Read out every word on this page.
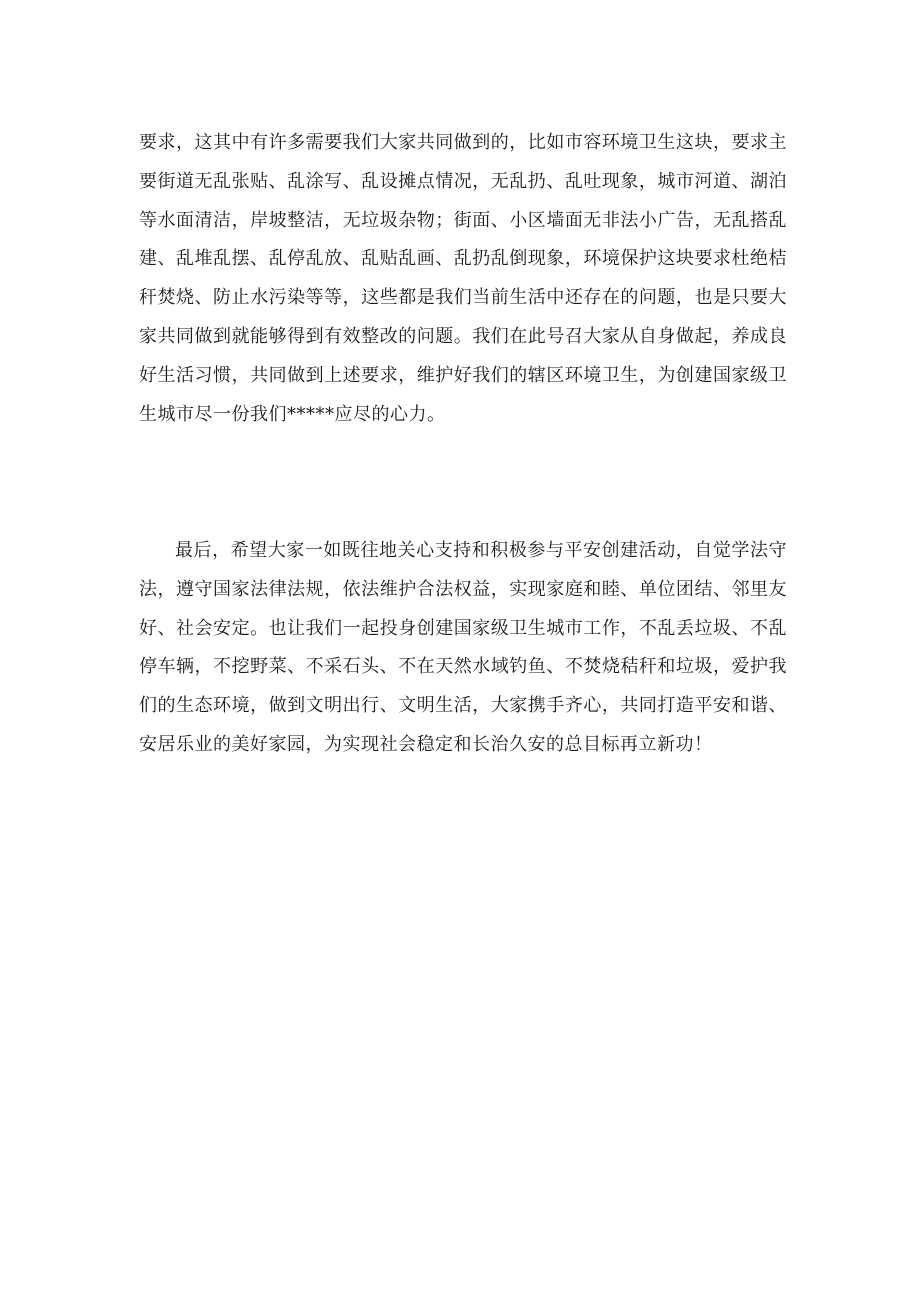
要求，这其中有许多需要我们大家共同做到的，比如市容环境卫生这块，要求主
要街道无乱张贴、乱涂写、乱设摊点情况，无乱扔、乱吐现象，城市河道、湖泊
等水面清洁，岸坡整洁，无垃圾杂物；街面、小区墙面无非法小广告，无乱搭乱
建、乱堆乱摆、乱停乱放、乱贴乱画、乱扔乱倒现象，环境保护这块要求杜绝桔
秆焚烧、防止水污染等等，这些都是我们当前生活中还存在的问题，也是只要大
家共同做到就能够得到有效整改的问题。我们在此号召大家从自身做起，养成良
好生活习惯，共同做到上述要求，维护好我们的辖区环境卫生，为创建国家级卫
生城市尽一份我们*****应尽的心力。
最后，希望大家一如既往地关心支持和积极参与平安创建活动，自觉学法守
法，遵守国家法律法规，依法维护合法权益，实现家庭和睦、单位团结、邻里友
好、社会安定。也让我们一起投身创建国家级卫生城市工作，不乱丢垃圾、不乱
停车辆，不挖野菜、不采石头、不在天然水域钓鱼、不焚烧秸秆和垃圾，爱护我
们的生态环境，做到文明出行、文明生活，大家携手齐心，共同打造平安和谐、
安居乐业的美好家园，为实现社会稳定和长治久安的总目标再立新功！
